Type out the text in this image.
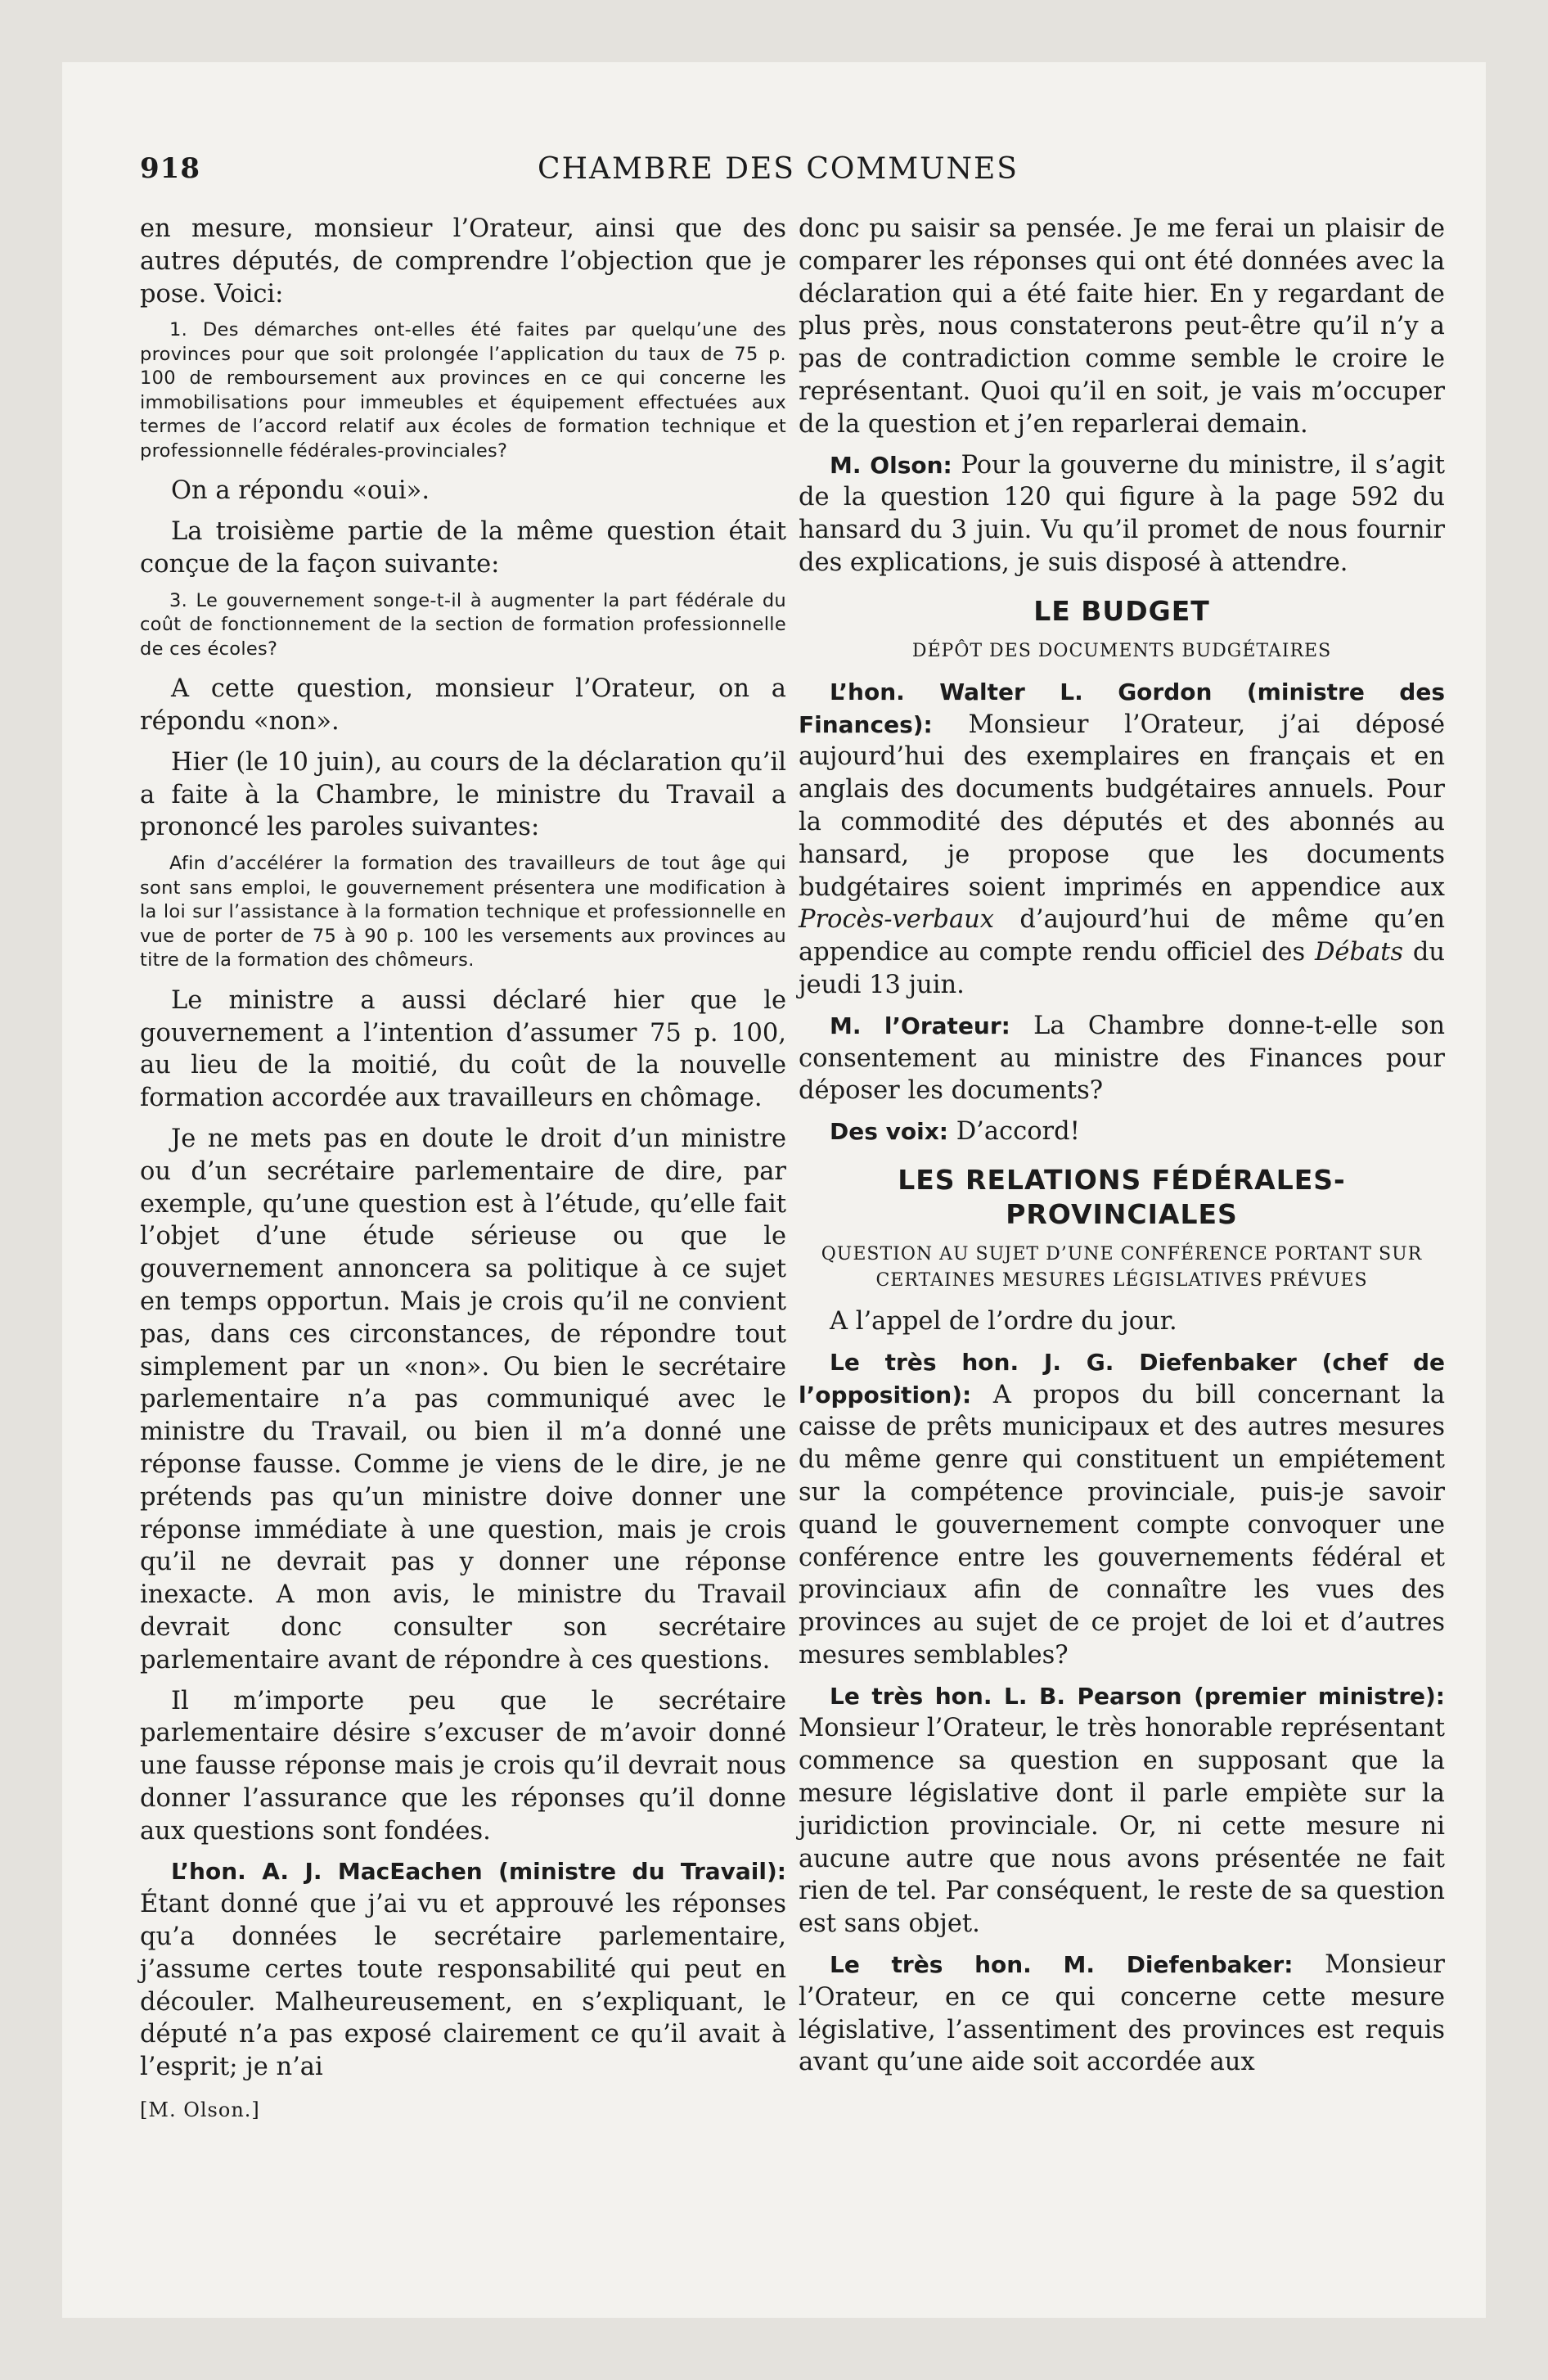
918	CHAMBRE DES COMMUNES

en mesure, monsieur l’Orateur, ainsi que des autres députés, de comprendre l’objection que je pose. Voici:

1. Des démarches ont-elles été faites par quelqu’une des provinces pour que soit prolongée l’application du taux de 75 p. 100 de remboursement aux provinces en ce qui concerne les immobilisations pour immeubles et équipement effectuées aux termes de l’accord relatif aux écoles de formation technique et professionnelle fédérales-provinciales?

On a répondu «oui».

La troisième partie de la même question était conçue de la façon suivante:

3. Le gouvernement songe-t-il à augmenter la part fédérale du coût de fonctionnement de la section de formation professionnelle de ces écoles?

A cette question, monsieur l’Orateur, on a répondu «non».

Hier (le 10 juin), au cours de la déclaration qu’il a faite à la Chambre, le ministre du Travail a prononcé les paroles suivantes:

Afin d’accélérer la formation des travailleurs de tout âge qui sont sans emploi, le gouvernement présentera une modification à la loi sur l’assistance à la formation technique et professionnelle en vue de porter de 75 à 90 p. 100 les versements aux provinces au titre de la formation des chômeurs.

Le ministre a aussi déclaré hier que le gouvernement a l’intention d’assumer 75 p. 100, au lieu de la moitié, du coût de la nouvelle formation accordée aux travailleurs en chômage.

Je ne mets pas en doute le droit d’un ministre ou d’un secrétaire parlementaire de dire, par exemple, qu’une question est à l’étude, qu’elle fait l’objet d’une étude sérieuse ou que le gouvernement annoncera sa politique à ce sujet en temps opportun. Mais je crois qu’il ne convient pas, dans ces circonstances, de répondre tout simplement par un «non». Ou bien le secrétaire parlementaire n’a pas communiqué avec le ministre du Travail, ou bien il m’a donné une réponse fausse. Comme je viens de le dire, je ne prétends pas qu’un ministre doive donner une réponse immédiate à une question, mais je crois qu’il ne devrait pas y donner une réponse inexacte. A mon avis, le ministre du Travail devrait donc consulter son secrétaire parlementaire avant de répondre à ces questions.

Il m’importe peu que le secrétaire parlementaire désire s’excuser de m’avoir donné une fausse réponse mais je crois qu’il devrait nous donner l’assurance que les réponses qu’il donne aux questions sont fondées.

L’hon. A. J. MacEachen (ministre du Travail): Étant donné que j’ai vu et approuvé les réponses qu’a données le secrétaire parlementaire, j’assume certes toute responsabilité qui peut en découler. Malheureusement, en s’expliquant, le député n’a pas exposé clairement ce qu’il avait à l’esprit; je n’ai

[M. Olson.]

donc pu saisir sa pensée. Je me ferai un plaisir de comparer les réponses qui ont été données avec la déclaration qui a été faite hier. En y regardant de plus près, nous constaterons peut-être qu’il n’y a pas de contradiction comme semble le croire le représentant. Quoi qu’il en soit, je vais m’occuper de la question et j’en reparlerai demain.

M. Olson: Pour la gouverne du ministre, il s’agit de la question 120 qui figure à la page 592 du hansard du 3 juin. Vu qu’il promet de nous fournir des explications, je suis disposé à attendre.

LE BUDGET
DÉPÔT DES DOCUMENTS BUDGÉTAIRES

L’hon. Walter L. Gordon (ministre des Finances): Monsieur l’Orateur, j’ai déposé aujourd’hui des exemplaires en français et en anglais des documents budgétaires annuels. Pour la commodité des députés et des abonnés au hansard, je propose que les documents budgétaires soient imprimés en appendice aux Procès-verbaux d’aujourd’hui de même qu’en appendice au compte rendu officiel des Débats du jeudi 13 juin.

M. l’Orateur: La Chambre donne-t-elle son consentement au ministre des Finances pour déposer les documents?

Des voix: D’accord!

LES RELATIONS FÉDÉRALES-PROVINCIALES
QUESTION AU SUJET D’UNE CONFÉRENCE PORTANT SUR CERTAINES MESURES LÉGISLATIVES PRÉVUES

A l’appel de l’ordre du jour.

Le très hon. J. G. Diefenbaker (chef de l’opposition): A propos du bill concernant la caisse de prêts municipaux et des autres mesures du même genre qui constituent un empiétement sur la compétence provinciale, puis-je savoir quand le gouvernement compte convoquer une conférence entre les gouvernements fédéral et provinciaux afin de connaître les vues des provinces au sujet de ce projet de loi et d’autres mesures semblables?

Le très hon. L. B. Pearson (premier ministre): Monsieur l’Orateur, le très honorable représentant commence sa question en supposant que la mesure législative dont il parle empiète sur la juridiction provinciale. Or, ni cette mesure ni aucune autre que nous avons présentée ne fait rien de tel. Par conséquent, le reste de sa question est sans objet.

Le très hon. M. Diefenbaker: Monsieur l’Orateur, en ce qui concerne cette mesure législative, l’assentiment des provinces est requis avant qu’une aide soit accordée aux
